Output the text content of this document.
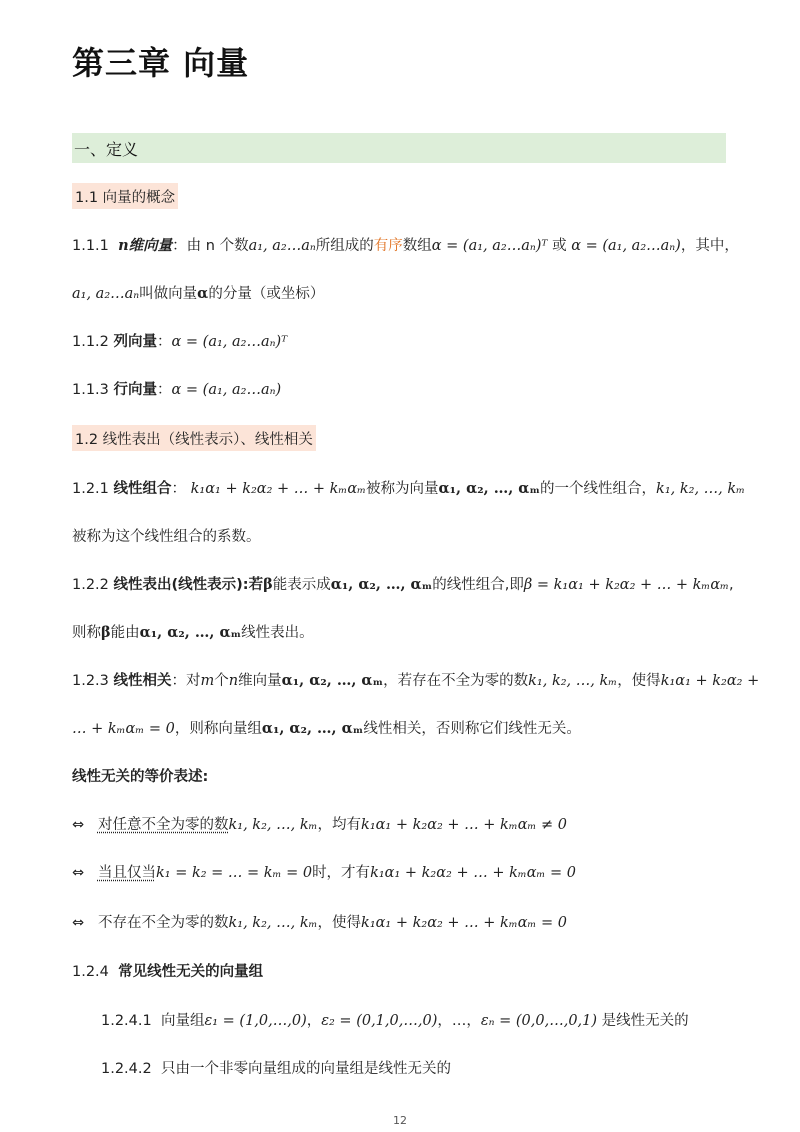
第三章 向量
一、定义
1.1 向量的概念
1.1.1 n维向量：由 n 个数a₁, a₂…aₙ所组成的有序数组α = (a₁, a₂…aₙ)ᵀ 或 α = (a₁, a₂…aₙ)，其中，
a₁, a₂…aₙ叫做向量α的分量（或坐标）
1.1.2 列向量：α = (a₁, a₂…aₙ)ᵀ
1.1.3 行向量：α = (a₁, a₂…aₙ)
1.2 线性表出（线性表示）、线性相关
1.2.1 线性组合： k₁α₁ + k₂α₂ + … + kₘαₘ被称为向量α₁, α₂, …, αₘ的一个线性组合，k₁, k₂, …, kₘ
被称为这个线性组合的系数。
1.2.2 线性表出(线性表示):若β能表示成α₁, α₂, …, αₘ的线性组合,即β = k₁α₁ + k₂α₂ + … + kₘαₘ,
则称β能由α₁, α₂, …, αₘ线性表出。
1.2.3 线性相关：对m个n维向量α₁, α₂, …, αₘ，若存在不全为零的数k₁, k₂, …, kₘ，使得k₁α₁ + k₂α₂ +
… + kₘαₘ = 0，则称向量组α₁, α₂, …, αₘ线性相关，否则称它们线性无关。
线性无关的等价表述:
⇔ 对任意不全为零的数k₁, k₂, …, kₘ，均有k₁α₁ + k₂α₂ + … + kₘαₘ ≠ 0
⇔ 当且仅当k₁ = k₂ = … = kₘ = 0时，才有k₁α₁ + k₂α₂ + … + kₘαₘ = 0
⇔ 不存在不全为零的数k₁, k₂, …, kₘ，使得k₁α₁ + k₂α₂ + … + kₘαₘ = 0
1.2.4 常见线性无关的向量组
1.2.4.1 向量组ε₁ = (1,0,…,0)，ε₂ = (0,1,0,…,0)，…，εₙ = (0,0,…,0,1) 是线性无关的
1.2.4.2 只由一个非零向量组成的向量组是线性无关的
12
